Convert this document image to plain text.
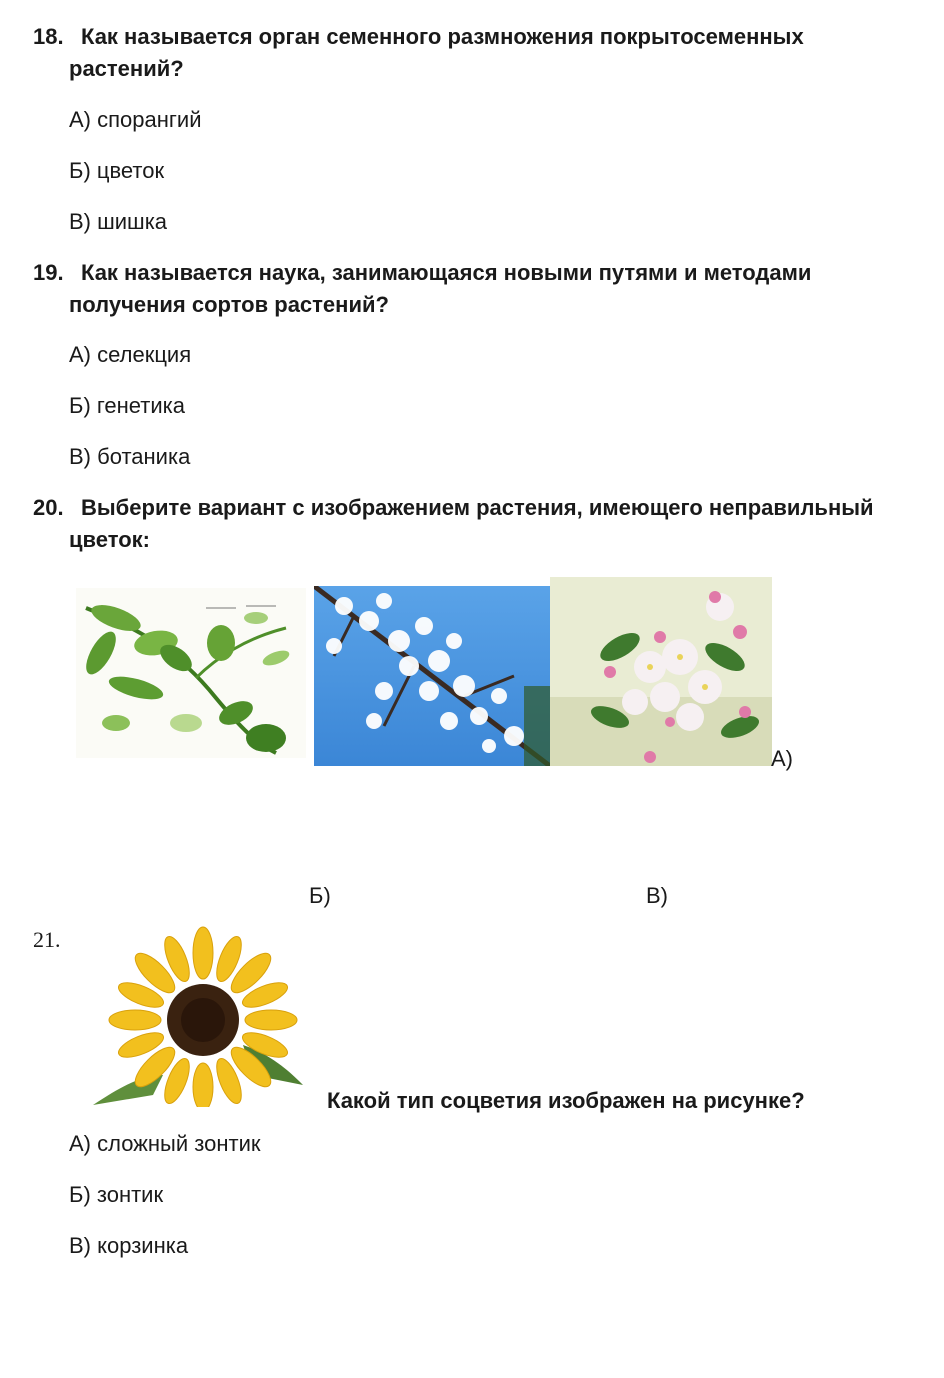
18. Как называется орган семенного размножения покрытосеменных растений?
А) спорангий
Б) цветок
В) шишка
19. Как называется наука, занимающаяся новыми путями и методами получения сортов растений?
А) селекция
Б) генетика
В) ботаника
20. Выберите вариант с изображением растения, имеющего неправильный цветок:
А)
Б)	В)
21.
Какой тип соцветия изображен на рисунке?
А) сложный зонтик
Б) зонтик
В) корзинка
